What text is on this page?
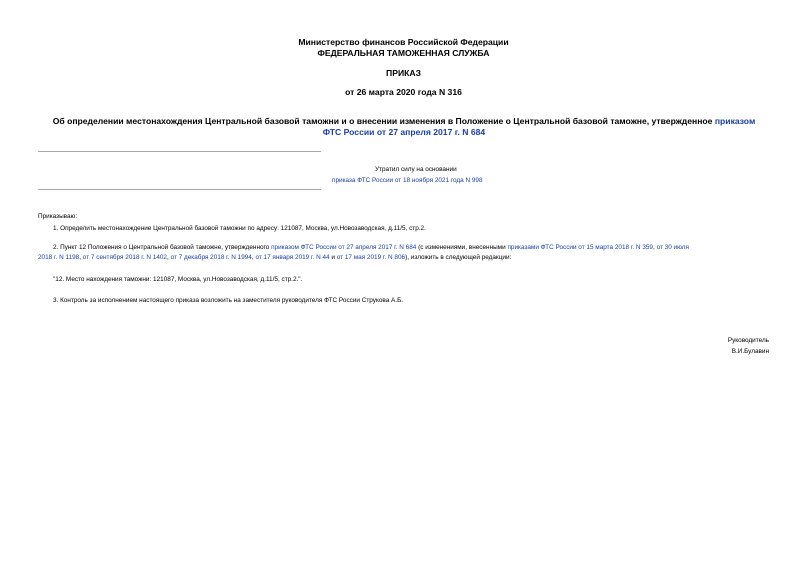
Министерство финансов Российской Федерации
ФЕДЕРАЛЬНАЯ ТАМОЖЕННАЯ СЛУЖБА
ПРИКАЗ
от 26 марта 2020 года N 316
Об определении местонахождения Центральной базовой таможни и о внесении изменения в Положение о Центральной базовой таможне, утвержденное приказом
ФТС России от 27 апреля 2017 г. N 684
Утратил силу на основании
приказа ФТС России от 18 ноября 2021 года N 998
Приказываю:
1. Определить местонахождение Центральной базовой таможни по адресу: 121087, Москва, ул.Новозаводская, д.11/5, стр.2.
2. Пункт 12 Положения о Центральной базовой таможне, утвержденного приказом ФТС России от 27 апреля 2017 г. N 684 (с изменениями, внесенными приказами ФТС России от 15 марта 2018 г. N 359, от 30 июля
2018 г. N 1198, от 7 сентября 2018 г. N 1402, от 7 декабря 2018 г. N 1994, от 17 января 2019 г. N 44 и от 17 мая 2019 г. N 806), изложить в следующей редакции:
"12. Место нахождения таможни: 121087, Москва, ул.Новозаводская, д.11/5, стр.2.".
3. Контроль за исполнением настоящего приказа возложить на заместителя руководителя ФТС России Струкова А.Б.
Руководитель
В.И.Булавин
